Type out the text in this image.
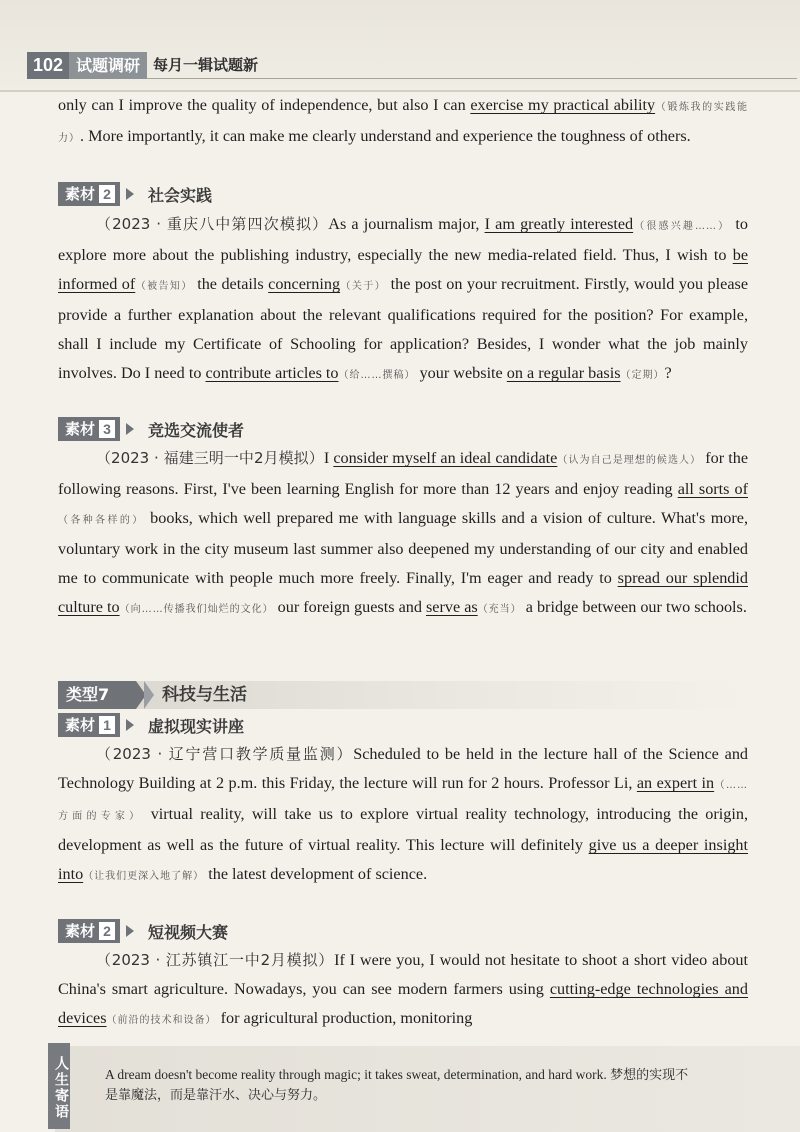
102 试题调研 每月一辑试题新
only can I improve the quality of independence, but also I can exercise my practical ability（锻炼我的实践能力）. More importantly, it can make me clearly understand and experience the toughness of others.
素材 2 社会实践
（2023 · 重庆八中第四次模拟）As a journalism major, I am greatly interested（很感兴趣……） to explore more about the publishing industry, especially the new media-related field. Thus, I wish to be informed of（被告知） the details concerning（关于） the post on your recruitment. Firstly, would you please provide a further explanation about the relevant qualifications required for the position? For example, shall I include my Certificate of Schooling for application? Besides, I wonder what the job mainly involves. Do I need to contribute articles to（给……撰稿） your website on a regular basis（定期）?
素材 3 竞选交流使者
（2023 · 福建三明一中2月模拟）I consider myself an ideal candidate（认为自己是理想的候选人） for the following reasons. First, I've been learning English for more than 12 years and enjoy reading all sorts of（各种各样的） books, which well prepared me with language skills and a vision of culture. What's more, voluntary work in the city museum last summer also deepened my understanding of our city and enabled me to communicate with people much more freely. Finally, I'm eager and ready to spread our splendid culture to（向……传播我们灿烂的文化） our foreign guests and serve as（充当） a bridge between our two schools.
类型7	科技与生活
素材 1 虚拟现实讲座
（2023 · 辽宁营口教学质量监测）Scheduled to be held in the lecture hall of the Science and Technology Building at 2 p.m. this Friday, the lecture will run for 2 hours. Professor Li, an expert in（……方面的专家） virtual reality, will take us to explore virtual reality technology, introducing the origin, development as well as the future of virtual reality. This lecture will definitely give us a deeper insight into（让我们更深入地了解） the latest development of science.
素材 2 短视频大赛
（2023 · 江苏镇江一中2月模拟）If I were you, I would not hesitate to shoot a short video about China's smart agriculture. Nowadays, you can see modern farmers using cutting-edge technologies and devices（前沿的技术和设备） for agricultural production, monitoring
人生寄语	A dream doesn't become reality through magic; it takes sweat, determination, and hard work. 梦想的实现不是靠魔法，而是靠汗水、决心与努力。
